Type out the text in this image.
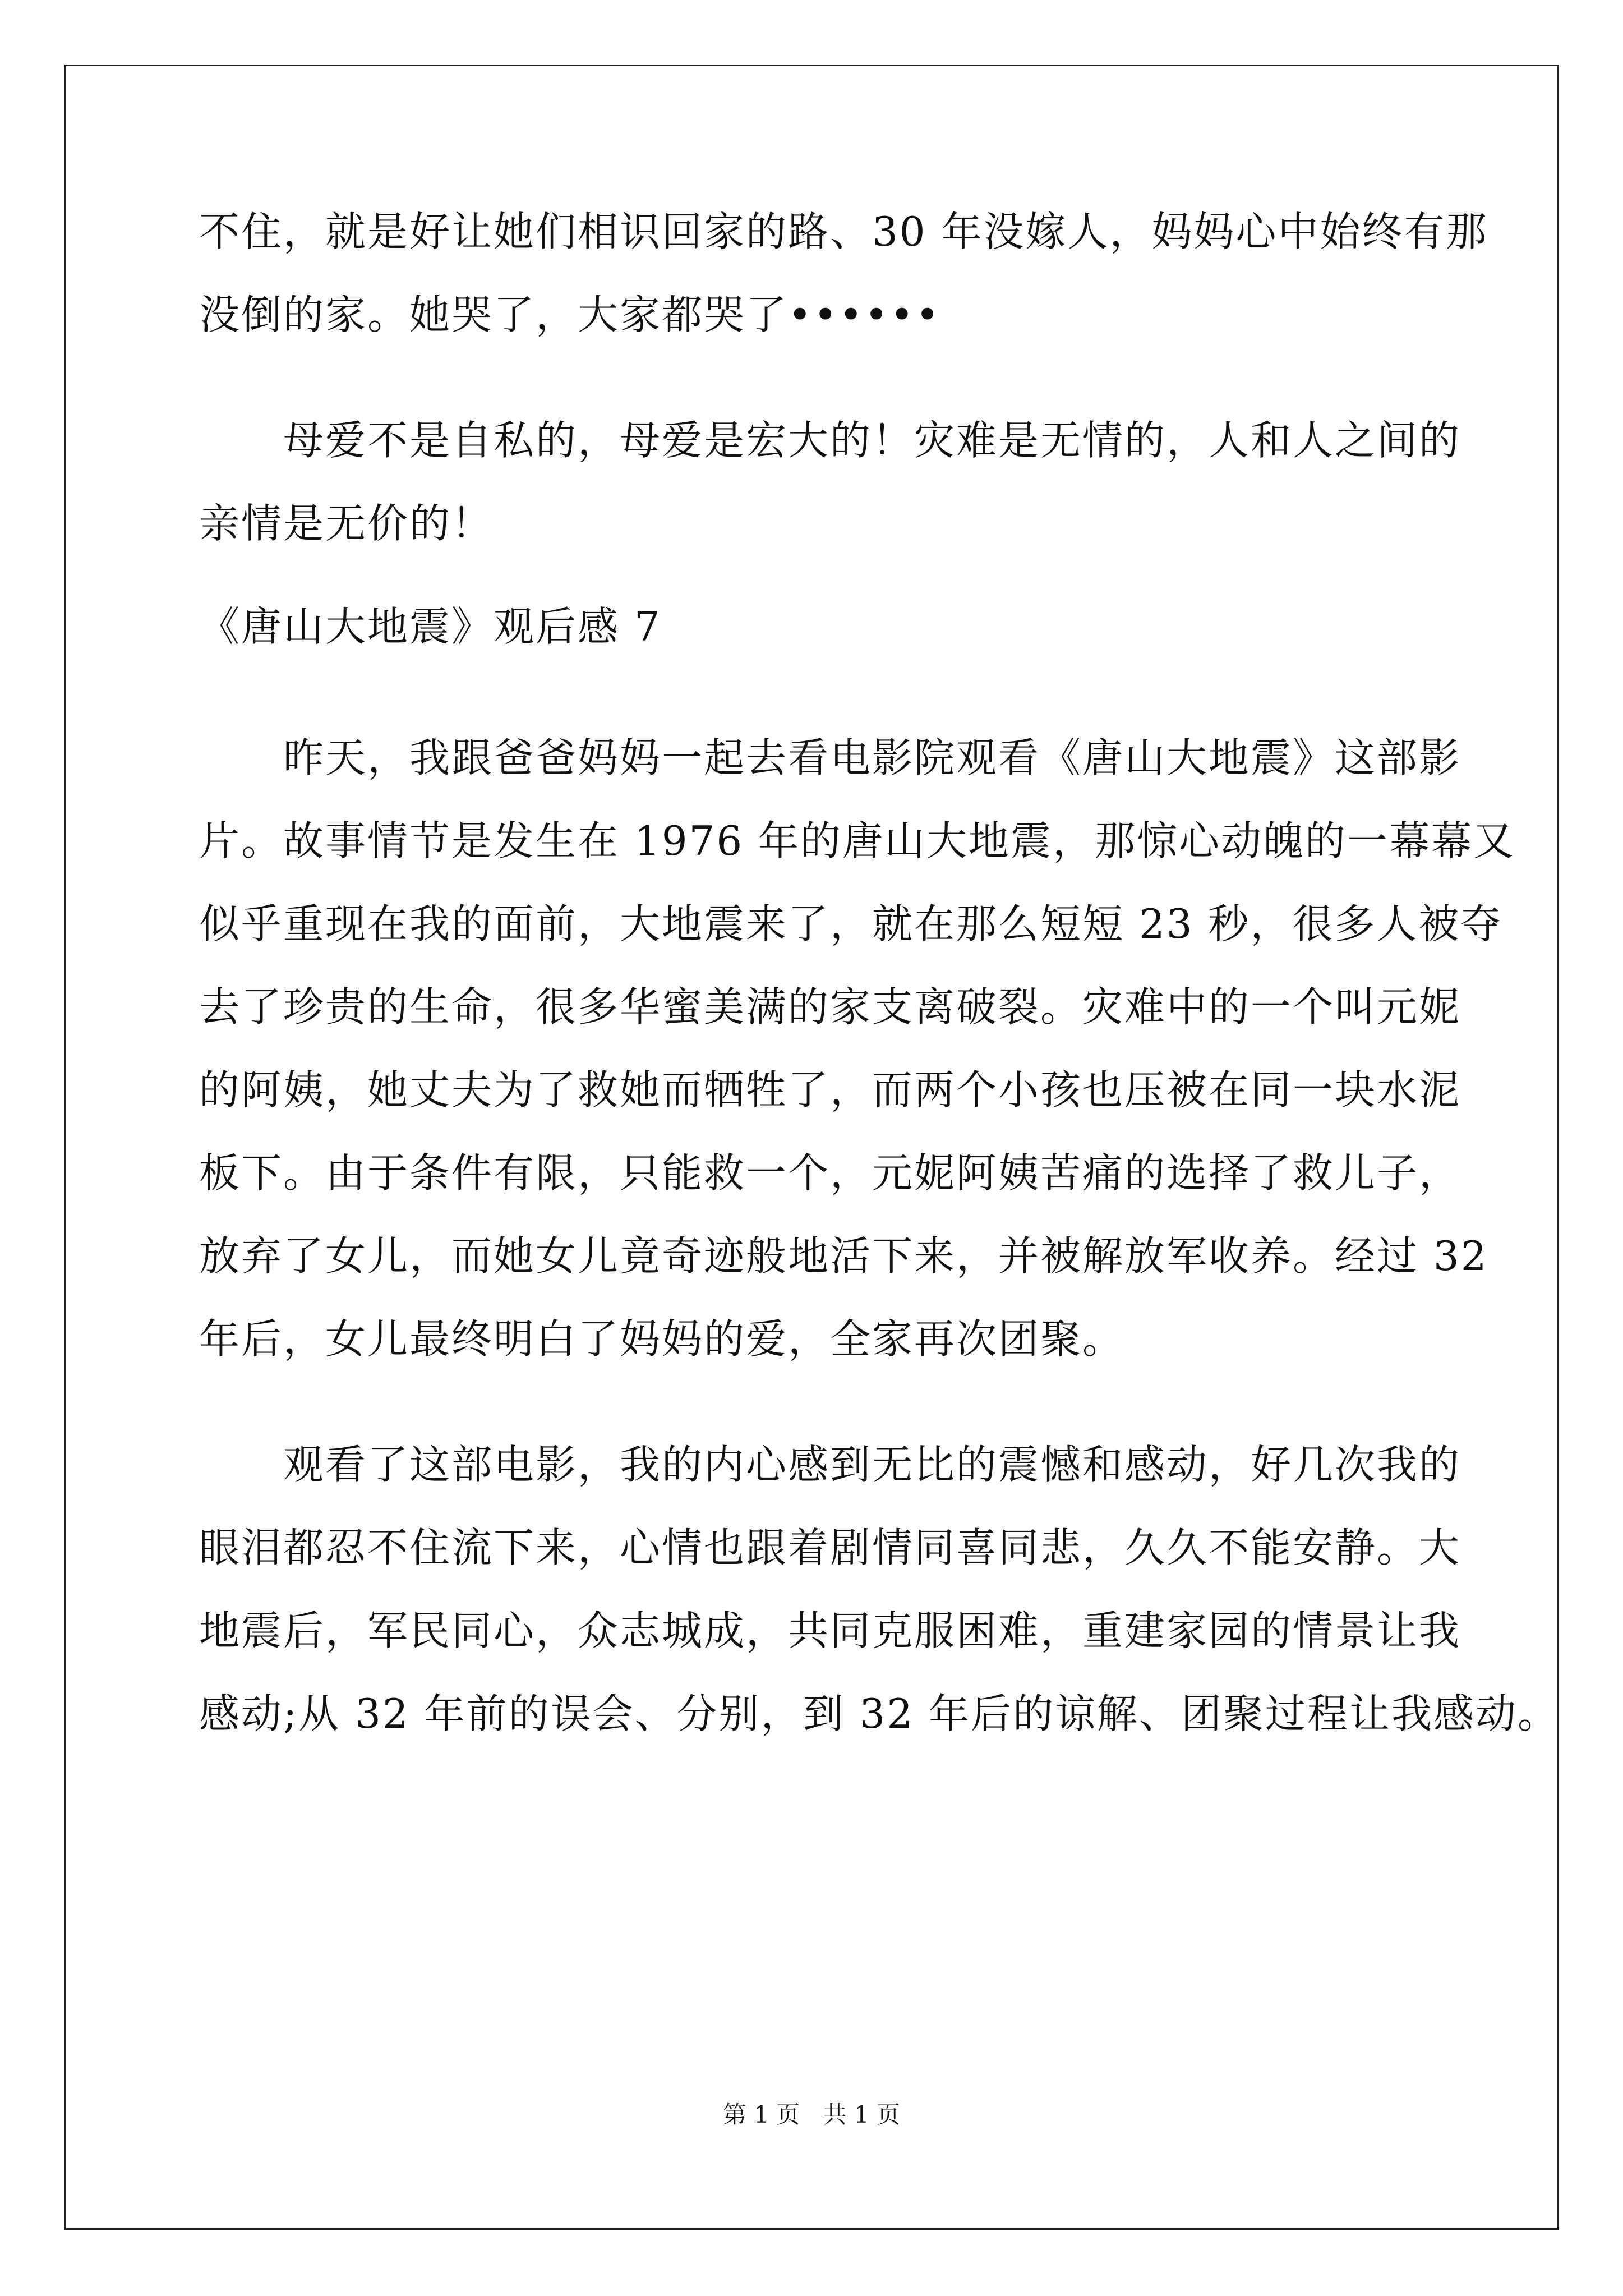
不住，就是好让她们相识回家的路、30 年没嫁人，妈妈心中始终有那
没倒的家。她哭了，大家都哭了••••••
　　母爱不是自私的，母爱是宏大的！灾难是无情的，人和人之间的
亲情是无价的！
《唐山大地震》观后感 7
　　昨天，我跟爸爸妈妈一起去看电影院观看《唐山大地震》这部影
片。故事情节是发生在 1976 年的唐山大地震，那惊心动魄的一幕幕又
似乎重现在我的面前，大地震来了，就在那么短短 23 秒，很多人被夺
去了珍贵的生命，很多华蜜美满的家支离破裂。灾难中的一个叫元妮
的阿姨，她丈夫为了救她而牺牲了，而两个小孩也压被在同一块水泥
板下。由于条件有限，只能救一个，元妮阿姨苦痛的选择了救儿子，
放弃了女儿，而她女儿竟奇迹般地活下来，并被解放军收养。经过 32
年后，女儿最终明白了妈妈的爱，全家再次团聚。
　　观看了这部电影，我的内心感到无比的震憾和感动，好几次我的
眼泪都忍不住流下来，心情也跟着剧情同喜同悲，久久不能安静。大
地震后，军民同心，众志城成，共同克服困难，重建家园的情景让我
感动;从 32 年前的误会、分别，到 32 年后的谅解、团聚过程让我感动。
第 1 页 共 1 页
